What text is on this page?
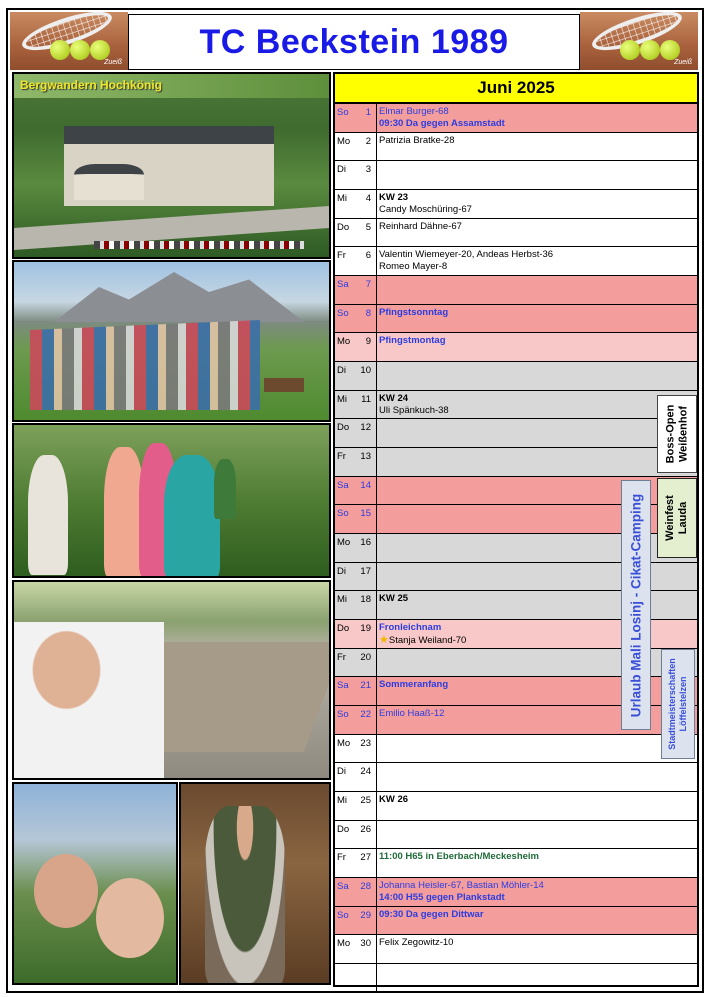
Zueiß
TC Beckstein 1989
Zueiß
Bergwandern Hochkönig	Juni 2025
So 1 Elmar Burger-68
09:30 Da gegen Assamstadt
Mo 2 Patrizia Bratke-28
Di 3
Mi 4 KW 23
Candy Moschüring-67
Do 5 Reinhard Dähne-67
Fr 6 Valentin Wiemeyer-20, Andeas Herbst-36
Romeo Mayer-8
Sa 7
So 8 Pfingstsonntag
Mo 9 Pfingstmontag
Di 10
Mi 11 KW 24
Uli Spänkuch-38
Do 12
Fr 13
Sa 14
So 15
Mo 16
Di 17
Mi 18 KW 25
Do 19 Fronleichnam
★Stanja Weiland-70
Fr 20
Sa 21 Sommeranfang
So 22 Emilio Haaß-12
Mo 23
Di 24
Mi 25 KW 26
Do 26
Fr 27 11:00 H65 in Eberbach/Meckesheim
Sa 28 Johanna Heisler-67, Bastian Möhler-14
14:00 H55 gegen Plankstadt
So 29 09:30 Da gegen Dittwar
Mo 30 Felix Zegowitz-10
Boss-Open
Weißenhof
Weinfest
Lauda
Urlaub Mali Losinj - Cikat-Camping	Stadtmeisterschaften
Löffelstelzen
